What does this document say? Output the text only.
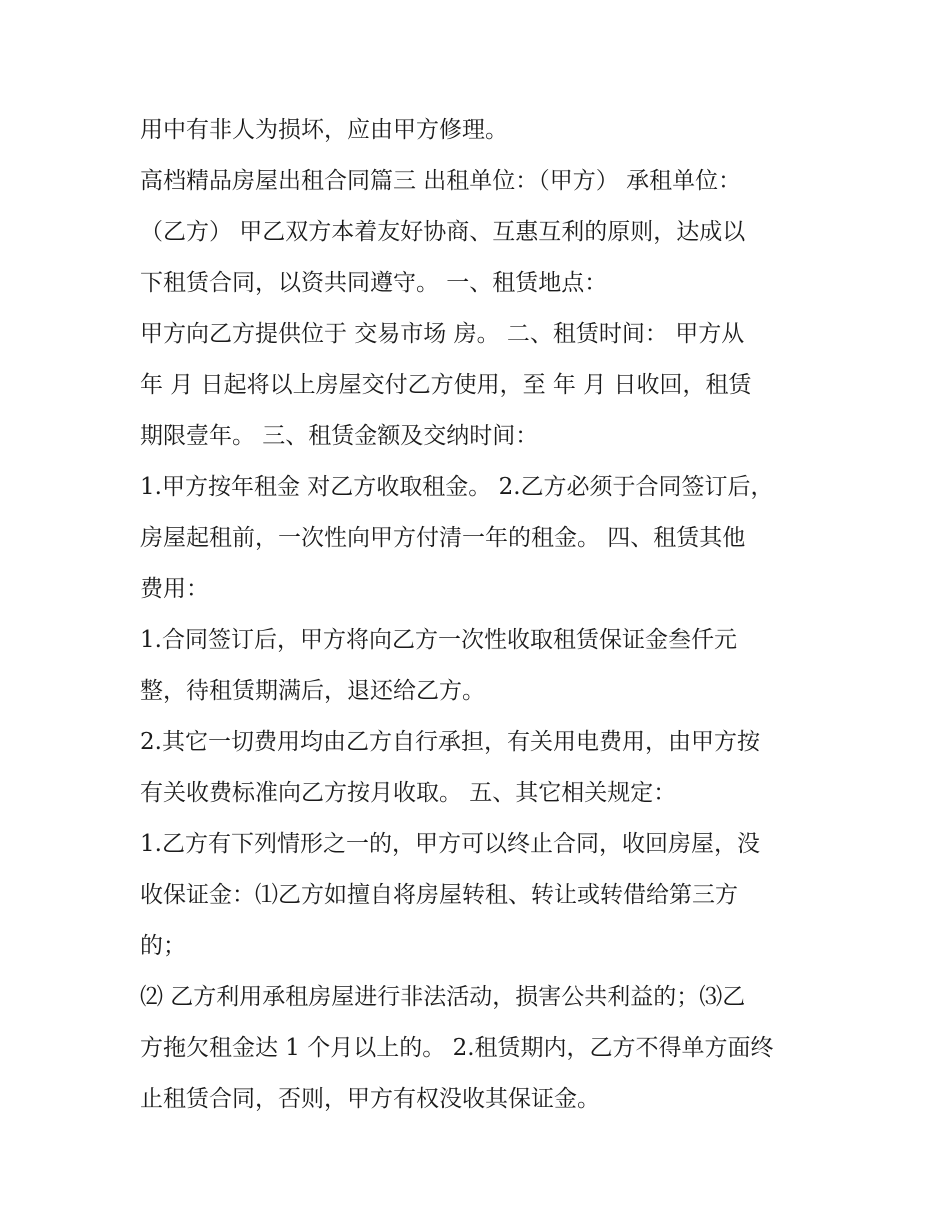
用中有非人为损坏，应由甲方修理。

高档精品房屋出租合同篇三 出租单位：（甲方） 承租单位：

（乙方） 甲乙双方本着友好协商、互惠互利的原则，达成以

下租赁合同，以资共同遵守。 一、租赁地点：

甲方向乙方提供位于 交易市场 房。 二、租赁时间： 甲方从

年 月 日起将以上房屋交付乙方使用，至 年 月 日收回，租赁

期限壹年。 三、租赁金额及交纳时间：

1.甲方按年租金 对乙方收取租金。 2.乙方必须于合同签订后，

房屋起租前，一次性向甲方付清一年的租金。 四、租赁其他

费用：

1.合同签订后，甲方将向乙方一次性收取租赁保证金叁仟元

整，待租赁期满后，退还给乙方。

2.其它一切费用均由乙方自行承担，有关用电费用，由甲方按

有关收费标准向乙方按月收取。 五、其它相关规定：

1.乙方有下列情形之一的，甲方可以终止合同，收回房屋，没

收保证金：⑴乙方如擅自将房屋转租、转让或转借给第三方

的；

⑵ 乙方利用承租房屋进行非法活动，损害公共利益的；⑶乙

方拖欠租金达 1 个月以上的。 2.租赁期内，乙方不得单方面终

止租赁合同，否则，甲方有权没收其保证金。
